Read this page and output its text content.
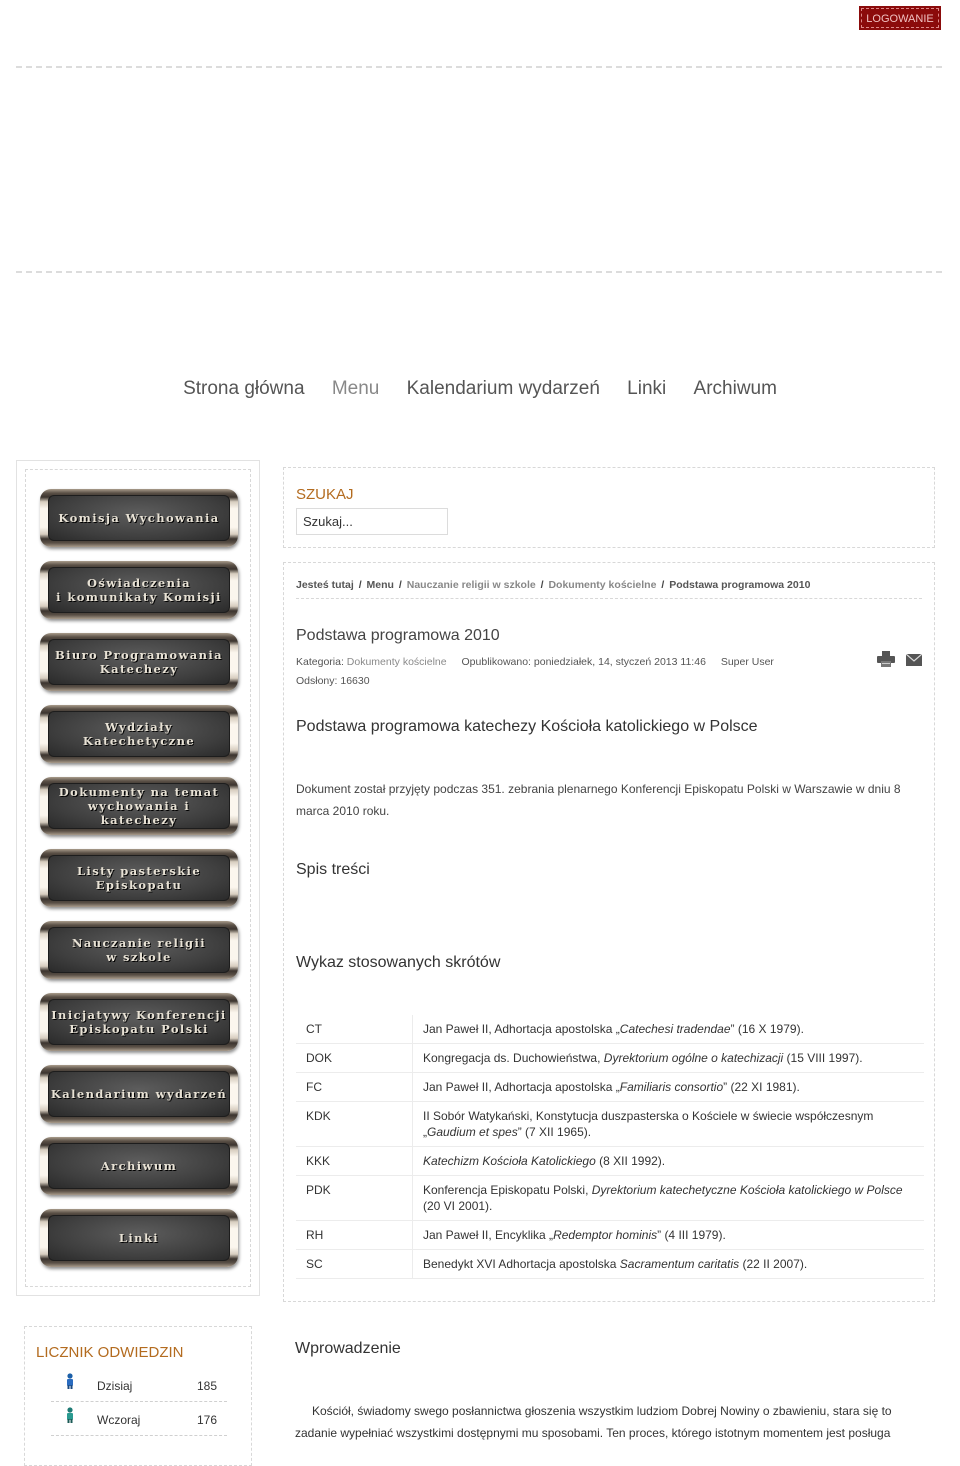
LOGOWANIE
Strona główna Menu Kalendarium wydarzeń Linki Archiwum
Komisja Wychowania
Oświadczenia
i komunikaty Komisji
Biuro Programowania
Katechezy
Wydziały
Katechetyczne
Dokumenty na temat
wychowania i katechezy
Listy pasterskie
Episkopatu
Nauczanie religii
w szkole
Inicjatywy Konferencji
Episkopatu Polski
Kalendarium wydarzeń
Archiwum
Linki
SZUKAJ
Szukaj...
Jesteś tutaj / Menu / Nauczanie religii w szkole / Dokumenty kościelne / Podstawa programowa 2010
Podstawa programowa 2010
Kategoria: Dokumenty kościelne Opublikowano: poniedziałek, 14, styczeń 2013 11:46 Super User
Odsłony: 16630
Podstawa programowa katechezy Kościoła katolickiego w Polsce

Dokument został przyjęty podczas 351. zebrania plenarnego Konferencji Episkopatu Polski w Warszawie w dniu 8 marca 2010 roku.

Spis treści
Wykaz stosowanych skrótów
CT	Jan Paweł II, Adhortacja apostolska „Catechesi tradendae” (16 X 1979).
DOK	Kongregacja ds. Duchowieństwa, Dyrektorium ogólne o katechizacji (15 VIII 1997).
FC	Jan Paweł II, Adhortacja apostolska „Familiaris consortio” (22 XI 1981).
KDK	II Sobór Watykański, Konstytucja duszpasterska o Kościele w świecie współczesnym „Gaudium et spes” (7 XII 1965).
KKK	Katechizm Kościoła Katolickiego (8 XII 1992).
PDK	Konferencja Episkopatu Polski, Dyrektorium katechetyczne Kościoła katolickiego w Polsce (20 VI 2001).
RH	Jan Paweł II, Encyklika „Redemptor hominis” (4 III 1979).
SC	Benedykt XVI Adhortacja apostolska Sacramentum caritatis (22 II 2007).
LICZNIK ODWIEDZIN
Dzisiaj	185
Wczoraj	176
Wprowadzenie

Kościół, świadomy swego posłannictwa głoszenia wszystkim ludziom Dobrej Nowiny o zbawieniu, stara się to zadanie wypełniać wszystkimi dostępnymi mu sposobami. Ten proces, którego istotnym momentem jest posługa
